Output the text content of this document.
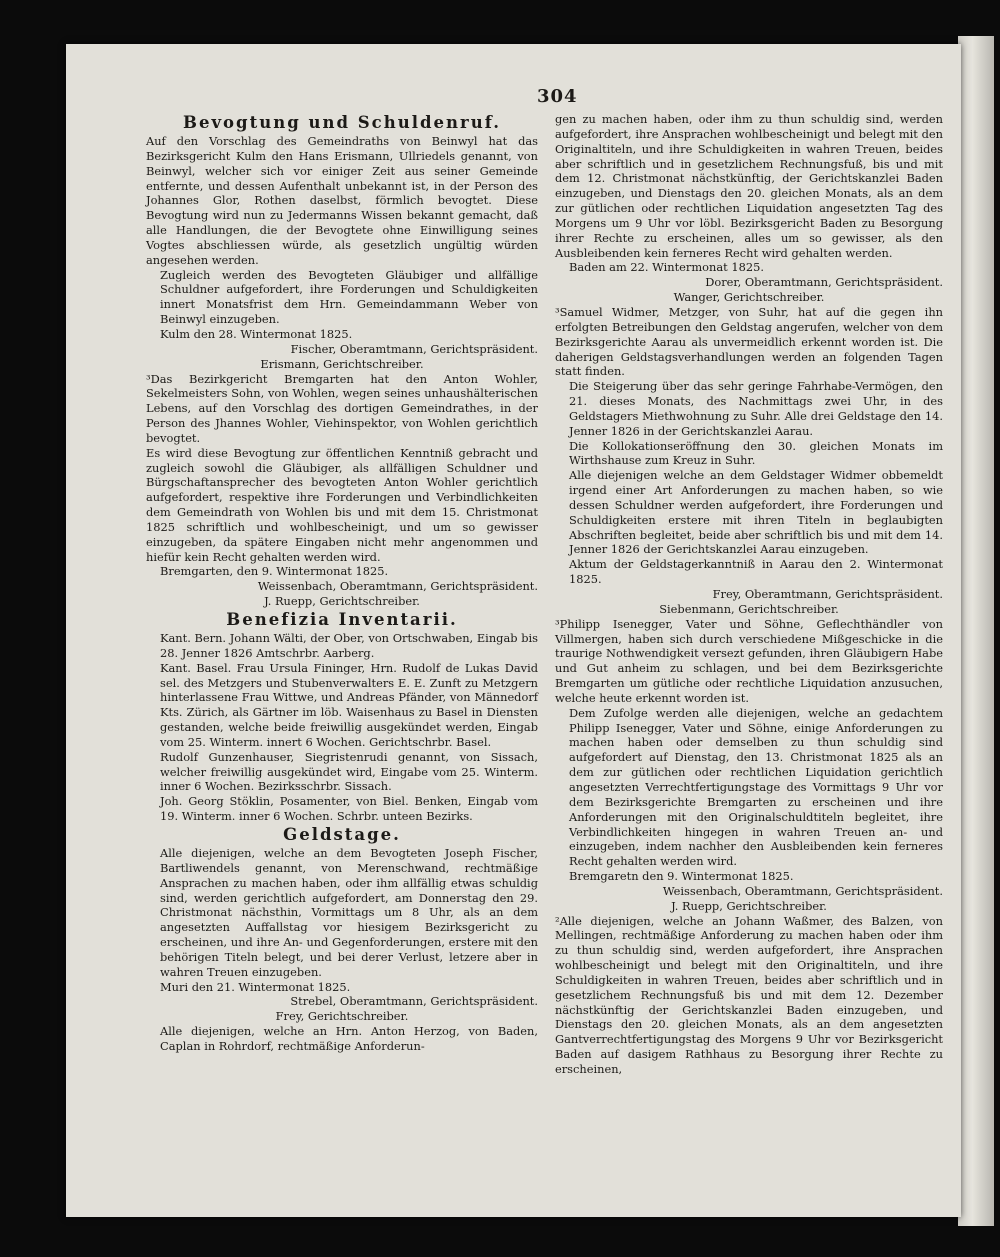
304

Bevogtung und Schuldenruf.

Auf den Vorschlag des Gemeindraths von Beinwyl hat das Bezirksgericht Kulm den Hans Erismann, Ullriedels genannt, von Beinwyl, welcher sich vor einiger Zeit aus seiner Gemeinde entfernte, und dessen Aufenthalt unbekannt ist, in der Person des Johannes Glor, Rothen daselbst, förmlich bevogtet. Diese Bevogtung wird nun zu Jedermanns Wissen bekannt gemacht, daß alle Handlungen, die der Bevogtete ohne Einwilligung seines Vogtes abschliessen würde, als gesetzlich ungültig würden angesehen werden.

Zugleich werden des Bevogteten Gläubiger und allfällige Schuldner aufgefordert, ihre Forderungen und Schuldigkeiten innert Monatsfrist dem Hrn. Gemeindammann Weber von Beinwyl einzugeben.

Kulm den 28. Wintermonat 1825.

Fischer, Oberamtmann, Gerichtspräsident.

Erismann, Gerichtschreiber.

³Das Bezirkgericht Bremgarten hat den Anton Wohler, Sekelmeisters Sohn, von Wohlen, wegen seines unhaushälterischen Lebens, auf den Vorschlag des dortigen Gemeindrathes, in der Person des Jhannes Wohler, Viehinspektor, von Wohlen gerichtlich bevogtet.

Es wird diese Bevogtung zur öffentlichen Kenntniß gebracht und zugleich sowohl die Gläubiger, als allfälligen Schuldner und Bürgschaftansprecher des bevogteten Anton Wohler gerichtlich aufgefordert, respektive ihre Forderungen und Verbindlichkeiten dem Gemeindrath von Wohlen bis und mit dem 15. Christmonat 1825 schriftlich und wohlbescheinigt, und um so gewisser einzugeben, da spätere Eingaben nicht mehr angenommen und hiefür kein Recht gehalten werden wird.

Bremgarten, den 9. Wintermonat 1825.

Weissenbach, Oberamtmann, Gerichtspräsident.

J. Ruepp, Gerichtschreiber.

Benefizia Inventarii.

Kant. Bern. Johann Wälti, der Ober, von Ortschwaben, Eingab bis 28. Jenner 1826 Amtschrbr. Aarberg.

Kant. Basel. Frau Ursula Fininger, Hrn. Rudolf de Lukas David sel. des Metzgers und Stubenverwalters E. E. Zunft zu Metzgern hinterlassene Frau Wittwe, und Andreas Pfänder, von Männedorf Kts. Zürich, als Gärtner im löb. Waisenhaus zu Basel in Diensten gestanden, welche beide freiwillig ausgekündet werden, Eingab vom 25. Winterm. innert 6 Wochen. Gerichtschrbr. Basel.

Rudolf Gunzenhauser, Siegristenrudi genannt, von Sissach, welcher freiwillig ausgekündet wird, Eingabe vom 25. Winterm. inner 6 Wochen. Bezirksschrbr. Sissach.

Joh. Georg Stöklin, Posamenter, von Biel. Benken, Eingab vom 19. Winterm. inner 6 Wochen. Schrbr. unteen Bezirks.

Geldstage.

Alle diejenigen, welche an dem Bevogteten Joseph Fischer, Bartliwendels genannt, von Merenschwand, rechtmäßige Ansprachen zu machen haben, oder ihm allfällig etwas schuldig sind, werden gerichtlich aufgefordert, am Donnerstag den 29. Christmonat nächsthin, Vormittags um 8 Uhr, als an dem angesetzten Auffallstag vor hiesigem Bezirksgericht zu erscheinen, und ihre An- und Gegenforderungen, erstere mit den behörigen Titeln belegt, und bei derer Verlust, letzere aber in wahren Treuen einzugeben.

Muri den 21. Wintermonat 1825.

Strebel, Oberamtmann, Gerichtspräsident.

Frey, Gerichtschreiber.

Alle diejenigen, welche an Hrn. Anton Herzog, von Baden, Caplan in Rohrdorf, rechtmäßige Anforderun-

gen zu machen haben, oder ihm zu thun schuldig sind, werden aufgefordert, ihre Ansprachen wohlbescheinigt und belegt mit den Originaltiteln, und ihre Schuldigkeiten in wahren Treuen, beides aber schriftlich und in gesetzlichem Rechnungsfuß, bis und mit dem 12. Christmonat nächstkünftig, der Gerichtskanzlei Baden einzugeben, und Dienstags den 20. gleichen Monats, als an dem zur gütlichen oder rechtlichen Liquidation angesetzten Tag des Morgens um 9 Uhr vor löbl. Bezirksgericht Baden zu Besorgung ihrer Rechte zu erscheinen, alles um so gewisser, als den Ausbleibenden kein ferneres Recht wird gehalten werden.

Baden am 22. Wintermonat 1825.

Dorer, Oberamtmann, Gerichtspräsident.

Wanger, Gerichtschreiber.

³Samuel Widmer, Metzger, von Suhr, hat auf die gegen ihn erfolgten Betreibungen den Geldstag angerufen, welcher von dem Bezirksgerichte Aarau als unvermeidlich erkennt worden ist. Die daherigen Geldstagsverhandlungen werden an folgenden Tagen statt finden.

Die Steigerung über das sehr geringe Fahrhabe-Vermögen, den 21. dieses Monats, des Nachmittags zwei Uhr, in des Geldstagers Miethwohnung zu Suhr. Alle drei Geldstage den 14. Jenner 1826 in der Gerichtskanzlei Aarau.

Die Kollokationseröffnung den 30. gleichen Monats im Wirthshause zum Kreuz in Suhr.

Alle diejenigen welche an dem Geldstager Widmer obbemeldt irgend einer Art Anforderungen zu machen haben, so wie dessen Schuldner werden aufgefordert, ihre Forderungen und Schuldigkeiten erstere mit ihren Titeln in beglaubigten Abschriften begleitet, beide aber schriftlich bis und mit dem 14. Jenner 1826 der Gerichtskanzlei Aarau einzugeben.

Aktum der Geldstagerkanntniß in Aarau den 2. Wintermonat 1825.

Frey, Oberamtmann, Gerichtspräsident.

Siebenmann, Gerichtschreiber.

³Philipp Isenegger, Vater und Söhne, Geflechthändler von Villmergen, haben sich durch verschiedene Mißgeschicke in die traurige Nothwendigkeit versezt gefunden, ihren Gläubigern Habe und Gut anheim zu schlagen, und bei dem Bezirksgerichte Bremgarten um gütliche oder rechtliche Liquidation anzusuchen, welche heute erkennt worden ist.

Dem Zufolge werden alle diejenigen, welche an gedachtem Philipp Isenegger, Vater und Söhne, einige Anforderungen zu machen haben oder demselben zu thun schuldig sind aufgefordert auf Dienstag, den 13. Christmonat 1825 als an dem zur gütlichen oder rechtlichen Liquidation gerichtlich angesetzten Verrechtfertigungstage des Vormittags 9 Uhr vor dem Bezirksgerichte Bremgarten zu erscheinen und ihre Anforderungen mit den Originalschuldtiteln begleitet, ihre Verbindlichkeiten hingegen in wahren Treuen an- und einzugeben, indem nachher den Ausbleibenden kein ferneres Recht gehalten werden wird.

Bremgaretn den 9. Wintermonat 1825.

Weissenbach, Oberamtmann, Gerichtspräsident.

J. Ruepp, Gerichtschreiber.

²Alle diejenigen, welche an Johann Waßmer, des Balzen, von Mellingen, rechtmäßige Anforderung zu machen haben oder ihm zu thun schuldig sind, werden aufgefordert, ihre Ansprachen wohlbescheinigt und belegt mit den Originaltiteln, und ihre Schuldigkeiten in wahren Treuen, beides aber schriftlich und in gesetzlichem Rechnungsfuß bis und mit dem 12. Dezember nächstkünftig der Gerichtskanzlei Baden einzugeben, und Dienstags den 20. gleichen Monats, als an dem angesetzten Gantverrechtfertigungstag des Morgens 9 Uhr vor Bezirksgericht Baden auf dasigem Rathhaus zu Besorgung ihrer Rechte zu erscheinen,
